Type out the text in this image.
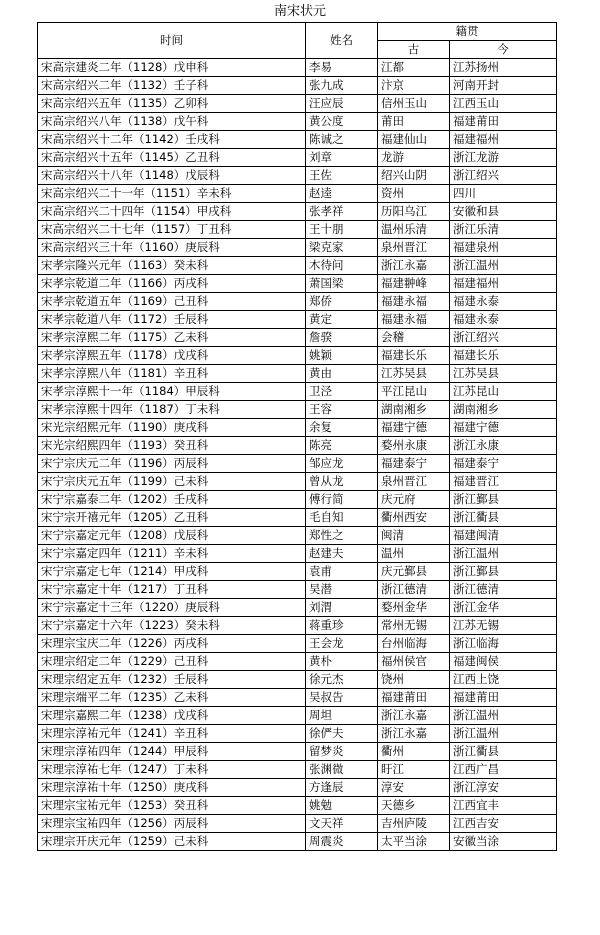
南宋状元
时间	姓名	籍贯	
		古	今
宋高宗建炎二年（1128）戊申科	李易	江都	江苏扬州
宋高宗绍兴二年（1132）壬子科	张九成	汴京	河南开封
宋高宗绍兴五年（1135）乙卯科	汪应辰	信州玉山	江西玉山
宋高宗绍兴八年（1138）戊午科	黄公度	莆田	福建莆田
宋高宗绍兴十二年（1142）壬戌科	陈诚之	福建仙山	福建福州
宋高宗绍兴十五年（1145）乙丑科	刘章	龙游	浙江龙游
宋高宗绍兴十八年（1148）戊辰科	王佐	绍兴山阴	浙江绍兴
宋高宗绍兴二十一年（1151）辛未科	赵逵	资州	四川
宋高宗绍兴二十四年（1154）甲戌科	张孝祥	历阳乌江	安徽和县
宋高宗绍兴二十七年（1157）丁丑科	王十朋	温州乐清	浙江乐清
宋高宗绍兴三十年（1160）庚辰科	梁克家	泉州晋江	福建泉州
宋孝宗隆兴元年（1163）癸未科	木待问	浙江永嘉	浙江温州
宋孝宗乾道二年（1166）丙戌科	萧国梁	福建翀峰	福建福州
宋孝宗乾道五年（1169）己丑科	郑侨	福建永福	福建永泰
宋孝宗乾道八年（1172）壬辰科	黄定	福建永福	福建永泰
宋孝宗淳熙二年（1175）乙未科	詹骙	会稽	浙江绍兴
宋孝宗淳熙五年（1178）戊戌科	姚颖	福建长乐	福建长乐
宋孝宗淳熙八年（1181）辛丑科	黄由	江苏吴县	江苏吴县
宋孝宗淳熙十一年（1184）甲辰科	卫泾	平江昆山	江苏昆山
宋孝宗淳熙十四年（1187）丁未科	王容	湖南湘乡	湖南湘乡
宋光宗绍熙元年（1190）庚戌科	余复	福建宁德	福建宁德
宋光宗绍熙四年（1193）癸丑科	陈亮	婺州永康	浙江永康
宋宁宗庆元二年（1196）丙辰科	邹应龙	福建泰宁	福建泰宁
宋宁宗庆元五年（1199）己未科	曾从龙	泉州晋江	福建晋江
宋宁宗嘉泰二年（1202）壬戌科	傅行简	庆元府	浙江鄞县
宋宁宗开禧元年（1205）乙丑科	毛自知	衢州西安	浙江衢县
宋宁宗嘉定元年（1208）戊辰科	郑性之	闽清	福建闽清
宋宁宗嘉定四年（1211）辛未科	赵建夫	温州	浙江温州
宋宁宗嘉定七年（1214）甲戌科	袁甫	庆元鄞县	浙江鄞县
宋宁宗嘉定十年（1217）丁丑科	吴潜	浙江德清	浙江德清
宋宁宗嘉定十三年（1220）庚辰科	刘渭	婺州金华	浙江金华
宋宁宗嘉定十六年（1223）癸未科	蒋重珍	常州无锡	江苏无锡
宋理宗宝庆二年（1226）丙戌科	王会龙	台州临海	浙江临海
宋理宗绍定二年（1229）己丑科	黄朴	福州侯官	福建闽侯
宋理宗绍定五年（1232）壬辰科	徐元杰	饶州	江西上饶
宋理宗端平二年（1235）乙未科	吴叔告	福建莆田	福建莆田
宋理宗嘉熙二年（1238）戊戌科	周坦	浙江永嘉	浙江温州
宋理宗淳祐元年（1241）辛丑科	徐俨夫	浙江永嘉	浙江温州
宋理宗淳祐四年（1244）甲辰科	留梦炎	衢州	浙江衢县
宋理宗淳祐七年（1247）丁未科	张渊微	盱江	江西广昌
宋理宗淳祐十年（1250）庚戌科	方逢辰	淳安	浙江淳安
宋理宗宝祐元年（1253）癸丑科	姚勉	天德乡	江西宜丰
宋理宗宝祐四年（1256）丙辰科	文天祥	吉州庐陵	江西吉安
宋理宗开庆元年（1259）己未科	周震炎	太平当涂	安徽当涂
